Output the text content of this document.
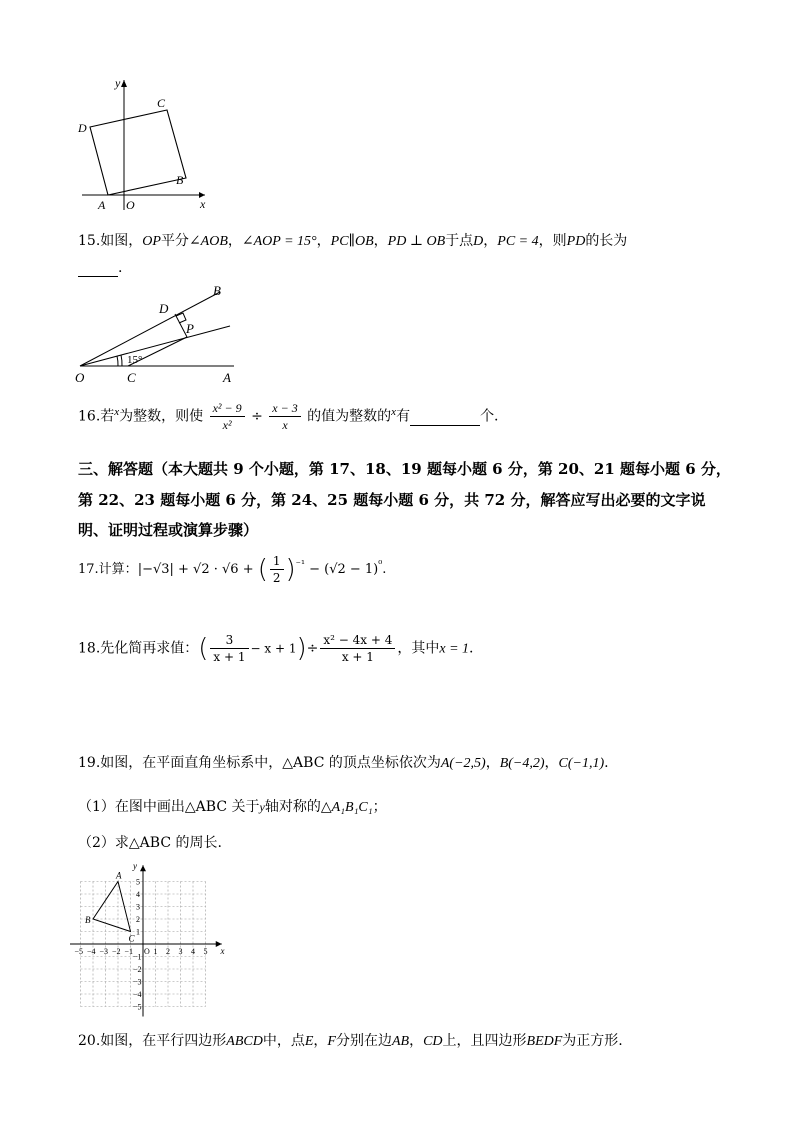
x
y
A O
B
C
D
15.如图，OP平分∠AOB，∠AOP = 15°，PC∥OB，PD ⊥ OB于点D，PC = 4，则PD的长为
.
15°
O	C	A
D
P
B
16.若$^x$为整数，则使 $\frac{\text{x² − 9}}{\text{x²}} \div \frac{x - 3}{x}$ 的值为整数的$^x$有	个.
三、解答题（本大题共 9 个小题，第 17、18、19 题每小题 6 分，第 20、21 题每小题 6 分，
第 22、23 题每小题 6 分，第 24、25 题每小题 6 分，共 72 分，解答应写出必要的文字说
明、证明过程或演算步骤）
17.计算：|−√3| + √2 · √6 + ( $\frac{1}{2} )^{^{-1}} - (√2 - 1)^{^0}$.
18.先化简再求值：( $\frac{3}{x + 1} - x + 1)\div \frac{\text{x² − 4x + 4}}{x + 1}$ ，其中x = 1.
19.如图，在平面直角坐标系中，△ABC 的顶点坐标依次为A(−2,5)，B(−4,2)，C(−1,1).
（1）在图中画出△ABC 关于y轴对称的△A₁B₁C₁；
（2）求△ABC 的周长.
−5 −4 −3 −2 −1 O 1 2 3 4 5
5
4
3
2
1
−1
−2
−3
−4
−5
x
y
A
B
C
20.如图，在平行四边形ABCD中，点E，F分别在边AB，CD上，且四边形BEDF为正方形.
